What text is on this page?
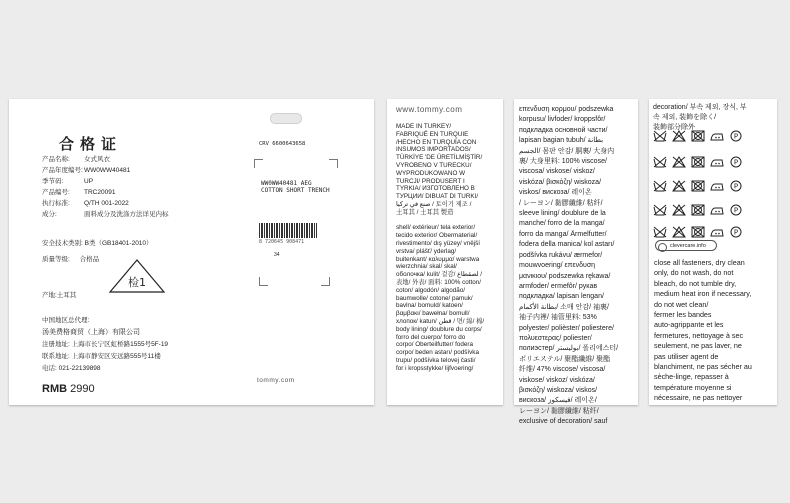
合格证
产品名称: 女式风衣
产品年度编号:WW0WW40481
季节码:	UP
产品编号: TRC20091
执行标准: Q/TH 001-2022
成分:	面料成分及洗涤方法详见内标
安全技术类别: B类（GB18401-2010）
质量等级: 合格品
检1
产地:土耳其
中国地区总代理:
汤美费格商贸（上海）有限公司
注册地址: 上海市长宁区虹桥路1555号5F-19
联系地址: 上海市静安区安远路555号11楼
电话: 021-22139898
RMB 2990
CRV 6600643658
WW0WW40481 AEG
COTTON SHORT TRENCH
8 720645 908471
34
tommy.com
www.tommy.com
MADE IN TURKEY/
FABRIQUÉ EN TURQUIE
/HECHO EN TURQUÍA CON
INSUMOS IMPORTADOS/
TÜRKİYE 'DE ÜRETİLMİŞTİR/
VYROBENO V TURECKU/
WYPRODUKOWANO W
TURCJI/ PRODUSERT I
TYRKIA/ ИЗГОТОВЛЕНО В
ТУРЦИИ/ DIBUAT DI TURKI/
صنع في تركيا / 토이기 제조 /
土耳其 / 土耳其 製造

shell/ extérieur/ tela exterior/
tecido exterior/ Obermaterial/
rivestimento/ dış yüzey/ vnější
vrstva/ plášť/ yderlag/
buitenkant/ καλυμμα/ warstwa
wierzchnia/ skal/ skal/
оболочка/ kulit/ 겉감/ لصقطاع /
表地/ 外表/ 面料: 100% cotton/
coton/ algodón/ algodão/
baumwolle/ cotone/ pamuk/
bavlna/ bomuld/ katoen/
βαμβακι/ bawełna/ bomull/
хлопок/ katun/ قطن / 면/ 綿/ 棉/
body lining/ doublure du corps/
forro del cuerpo/ forro do
corpo/ Oberteilfutter/ fodera
corpo/ beden astarı/ podšívka
trupu/ podšívka telovej časti/
for i kropsstykke/ lijfvoering/
επενδυση κορμου/ podszewka
korpusu/ livfoder/ kroppsfôr/
подкладка основной части/
lapisan bagian tubuh/ بطانة
الجسم/ 몸판 안감/ 胴裏/ 大身内
裏/ 大身里料: 100% viscose/
viscosa/ viskose/ viskoz/
viskóza/ βισκόζη/ wiskoza/
viskos/ вискоза/ 레이온
/ レーヨン/ 黏膠纖維/ 粘纤/
sleeve lining/ doublure de la
manche/ forro de la manga/
forro da manga/ Ärmelfutter/
fodera della manica/ kol astarı/
podšívka rukávu/ ærmefor/
mouwvoering/ επενδυση
μανικιου/ podszewka rękawa/
armfoder/ ermefôr/ рукав
подкладка/ lapisan lengan/
بطانة الأكمام/ 소매 안감/ 袖裏/
袖子内裡/ 袖管里料: 53%
polyester/ polièster/ poliestere/
πολυεστερας/ poliester/
полиэстер/ بوليستر/ 폴리에스터/
ポリエステル/ 聚酯纖維/ 聚酯
纤维/ 47% viscose/ viscosa/
viskose/ viskoz/ viskóza/
βισκόζη/ wiskoza/ viskos/
вискоза/ فيسكوز/ 레이온/
レーヨン/ 黏膠纖維/ 粘纤/
exclusive of decoration/ sauf
decoration/ 부속 제외, 장식, 부
속 제외, 装飾を除く/
装飾部分除外
P
P
P
P
P
clevercare.info
close all fasteners, dry clean
only, do not wash, do not
bleach, do not tumble dry,
medium heat iron if necessary,
do not wet clean/
fermer les bandes
auto-agrippante et les
fermetures, nettoyage à sec
seulement, ne pas laver, ne
pas utiliser agent de
blanchiment, ne pas sécher au
sèche-linge, repasser à
température moyenne si
nécessaire, ne pas nettoyer
